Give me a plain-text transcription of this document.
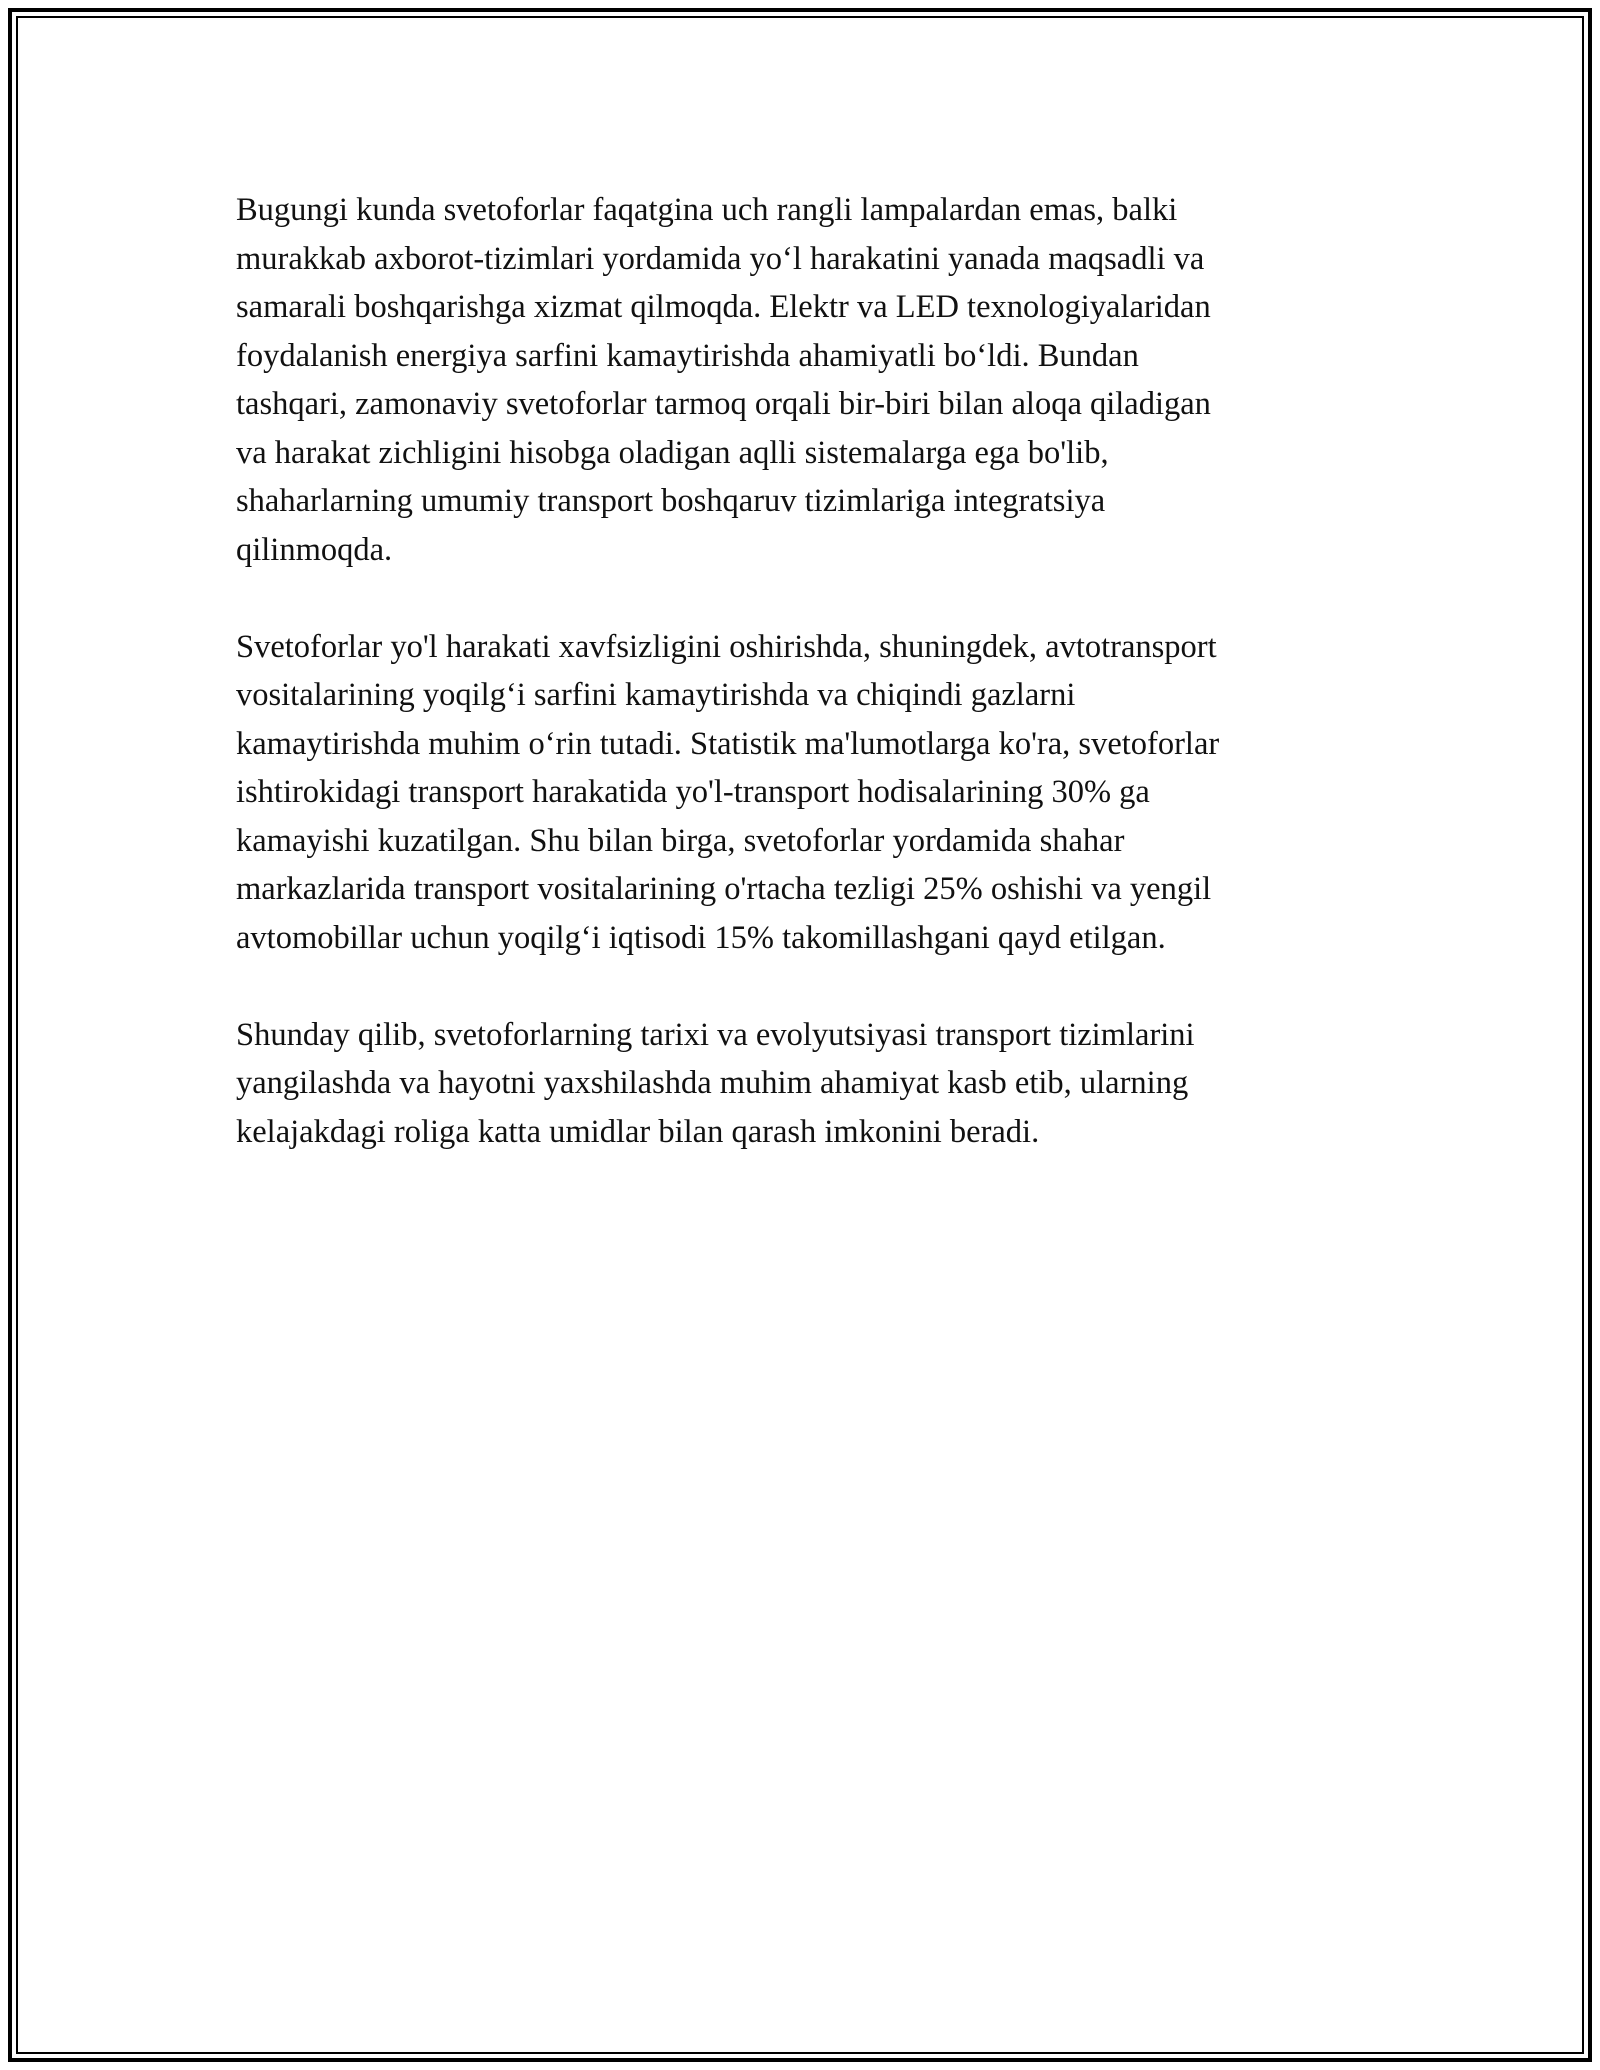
Bugungi kunda svetoforlar faqatgina uch rangli lampalardan emas, balki
murakkab axborot-tizimlari yordamida yo‘l harakatini yanada maqsadli va
samarali boshqarishga xizmat qilmoqda. Elektr va LED texnologiyalaridan
foydalanish energiya sarfini kamaytirishda ahamiyatli bo‘ldi. Bundan
tashqari, zamonaviy svetoforlar tarmoq orqali bir-biri bilan aloqa qiladigan
va harakat zichligini hisobga oladigan aqlli sistemalarga ega bo'lib,
shaharlarning umumiy transport boshqaruv tizimlariga integratsiya
qilinmoqda.

Svetoforlar yo'l harakati xavfsizligini oshirishda, shuningdek, avtotransport
vositalarining yoqilg‘i sarfini kamaytirishda va chiqindi gazlarni
kamaytirishda muhim o‘rin tutadi. Statistik ma'lumotlarga ko'ra, svetoforlar
ishtirokidagi transport harakatida yo'l-transport hodisalarining 30% ga
kamayishi kuzatilgan. Shu bilan birga, svetoforlar yordamida shahar
markazlarida transport vositalarining o'rtacha tezligi 25% oshishi va yengil
avtomobillar uchun yoqilg‘i iqtisodi 15% takomillashgani qayd etilgan.

Shunday qilib, svetoforlarning tarixi va evolyutsiyasi transport tizimlarini
yangilashda va hayotni yaxshilashda muhim ahamiyat kasb etib, ularning
kelajakdagi roliga katta umidlar bilan qarash imkonini beradi.
